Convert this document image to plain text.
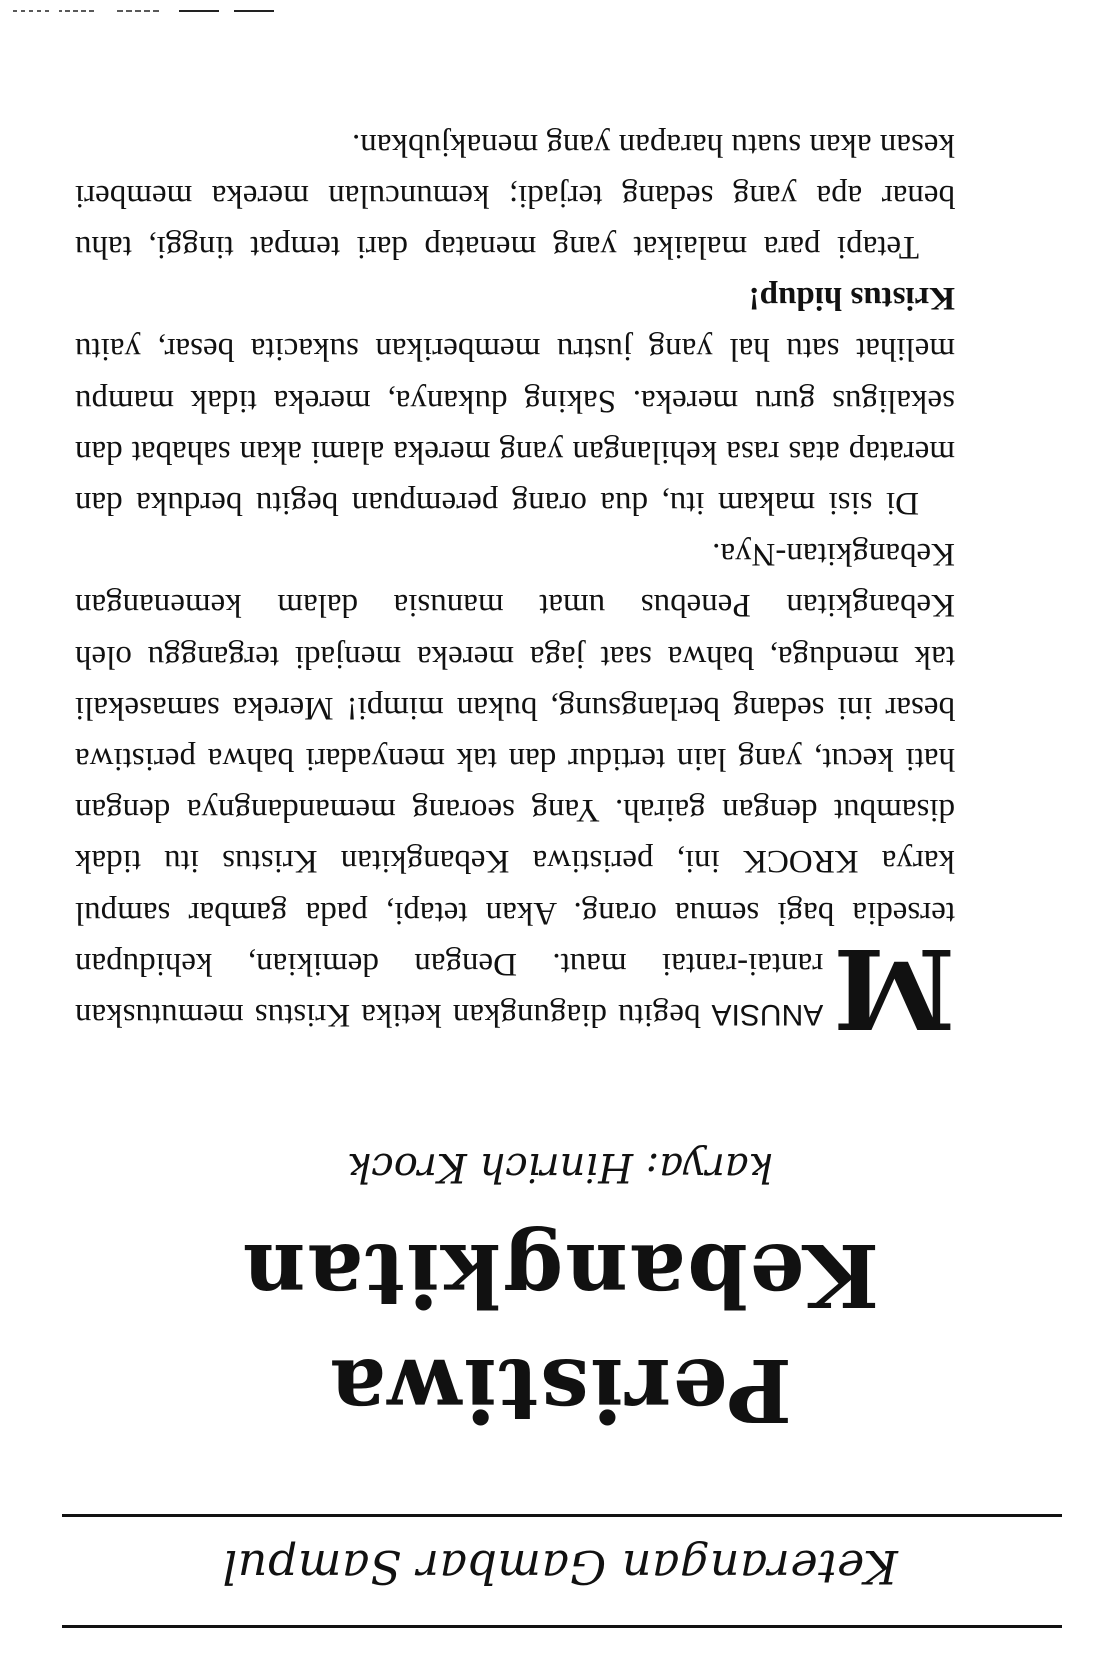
Keterangan Gambar Sampul
Peristiwa
Kebangkitan
karya: Hinrich Krock

M
ANUSIA begitu diagungkan ketika Kristus memutuskan rantai-rantai maut. Dengan demikian, kehidupan tersedia bagi semua orang. Akan tetapi, pada gambar sampul karya KROCK ini, peristiwa Kebangkitan Kristus itu tidak disambut dengan gairah. Yang seorang memandangnya dengan hati kecut, yang lain tertidur dan tak menyadari bahwa peristiwa besar ini sedang berlangsung, bukan mimpi! Mereka samasekali tak menduga, bahwa saat jaga mereka menjadi terganggu oleh Kebangkitan Penebus umat manusia dalam kemenangan Kebangkitan-Nya.

Di sisi makam itu, dua orang perempuan begitu berduka dan meratap atas rasa kehilangan yang mereka alami akan sahabat dan sekaligus guru mereka. Saking dukanya, mereka tidak mampu melihat satu hal yang justru memberikan sukacita besar, yaitu Kristus hidup!

Tetapi para malaikat yang menatap dari tempat tinggi, tahu benar apa yang sedang terjadi; kemunculan mereka memberi kesan akan suatu harapan yang menakjubkan.
